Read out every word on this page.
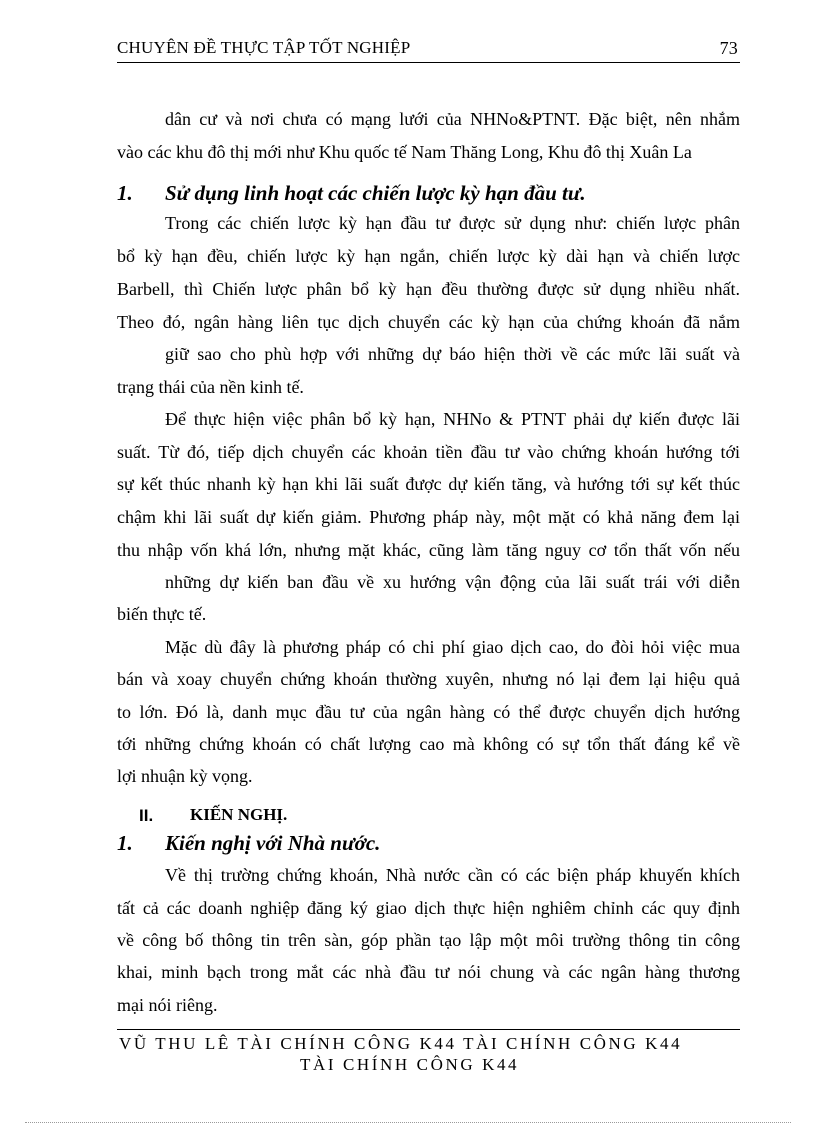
CHUYÊN ĐỀ THỰC TẬP TỐT NGHIỆP	73
dân cư và nơi chưa có mạng lưới của NHNo&PTNT. Đặc biệt, nên nhắm
vào các khu đô thị mới như Khu quốc tế Nam Thăng Long, Khu đô thị Xuân La
1. Sử dụng linh hoạt các chiến lược kỳ hạn đầu tư.
Trong các chiến lược kỳ hạn đầu tư được sử dụng như: chiến lược phân
bổ kỳ hạn đều, chiến lược kỳ hạn ngắn, chiến lược kỳ dài hạn và chiến lược
Barbell, thì Chiến lược phân bổ kỳ hạn đều thường được sử dụng nhiều nhất.
Theo đó, ngân hàng liên tục dịch chuyển các kỳ hạn của chứng khoán đã nắm
giữ sao cho phù hợp với những dự báo hiện thời về các mức lãi suất và
trạng thái của nền kinh tế.
Để thực hiện việc phân bổ kỳ hạn, NHNo & PTNT phải dự kiến được lãi
suất. Từ đó, tiếp dịch chuyển các khoản tiền đầu tư vào chứng khoán hướng tới
sự kết thúc nhanh kỳ hạn khi lãi suất được dự kiến tăng, và hướng tới sự kết thúc
chậm khi lãi suất dự kiến giảm. Phương pháp này, một mặt có khả năng đem lại
thu nhập vốn khá lớn, nhưng mặt khác, cũng làm tăng nguy cơ tổn thất vốn nếu
những dự kiến ban đầu về xu hướng vận động của lãi suất trái với diễn
biến thực tế.
Mặc dù đây là phương pháp có chi phí giao dịch cao, do đòi hỏi việc mua
bán và xoay chuyển chứng khoán thường xuyên, nhưng nó lại đem lại hiệu quả
to lớn. Đó là, danh mục đầu tư của ngân hàng có thể được chuyển dịch hướng
tới những chứng khoán có chất lượng cao mà không có sự tổn thất đáng kể về
lợi nhuận kỳ vọng.
II. KIẾN NGHỊ.
1. Kiến nghị với Nhà nước.
Về thị trường chứng khoán, Nhà nước cần có các biện pháp khuyến khích
tất cả các doanh nghiệp đăng ký giao dịch thực hiện nghiêm chỉnh các quy định
về công bố thông tin trên sàn, góp phần tạo lập một môi trường thông tin công
khai, minh bạch trong mắt các nhà đầu tư nói chung và các ngân hàng thương
mại nói riêng.
VŨ THU LÊ TÀI CHÍNH CÔNG K44 TÀI CHÍNH CÔNG K44
TÀI CHÍNH CÔNG K44
